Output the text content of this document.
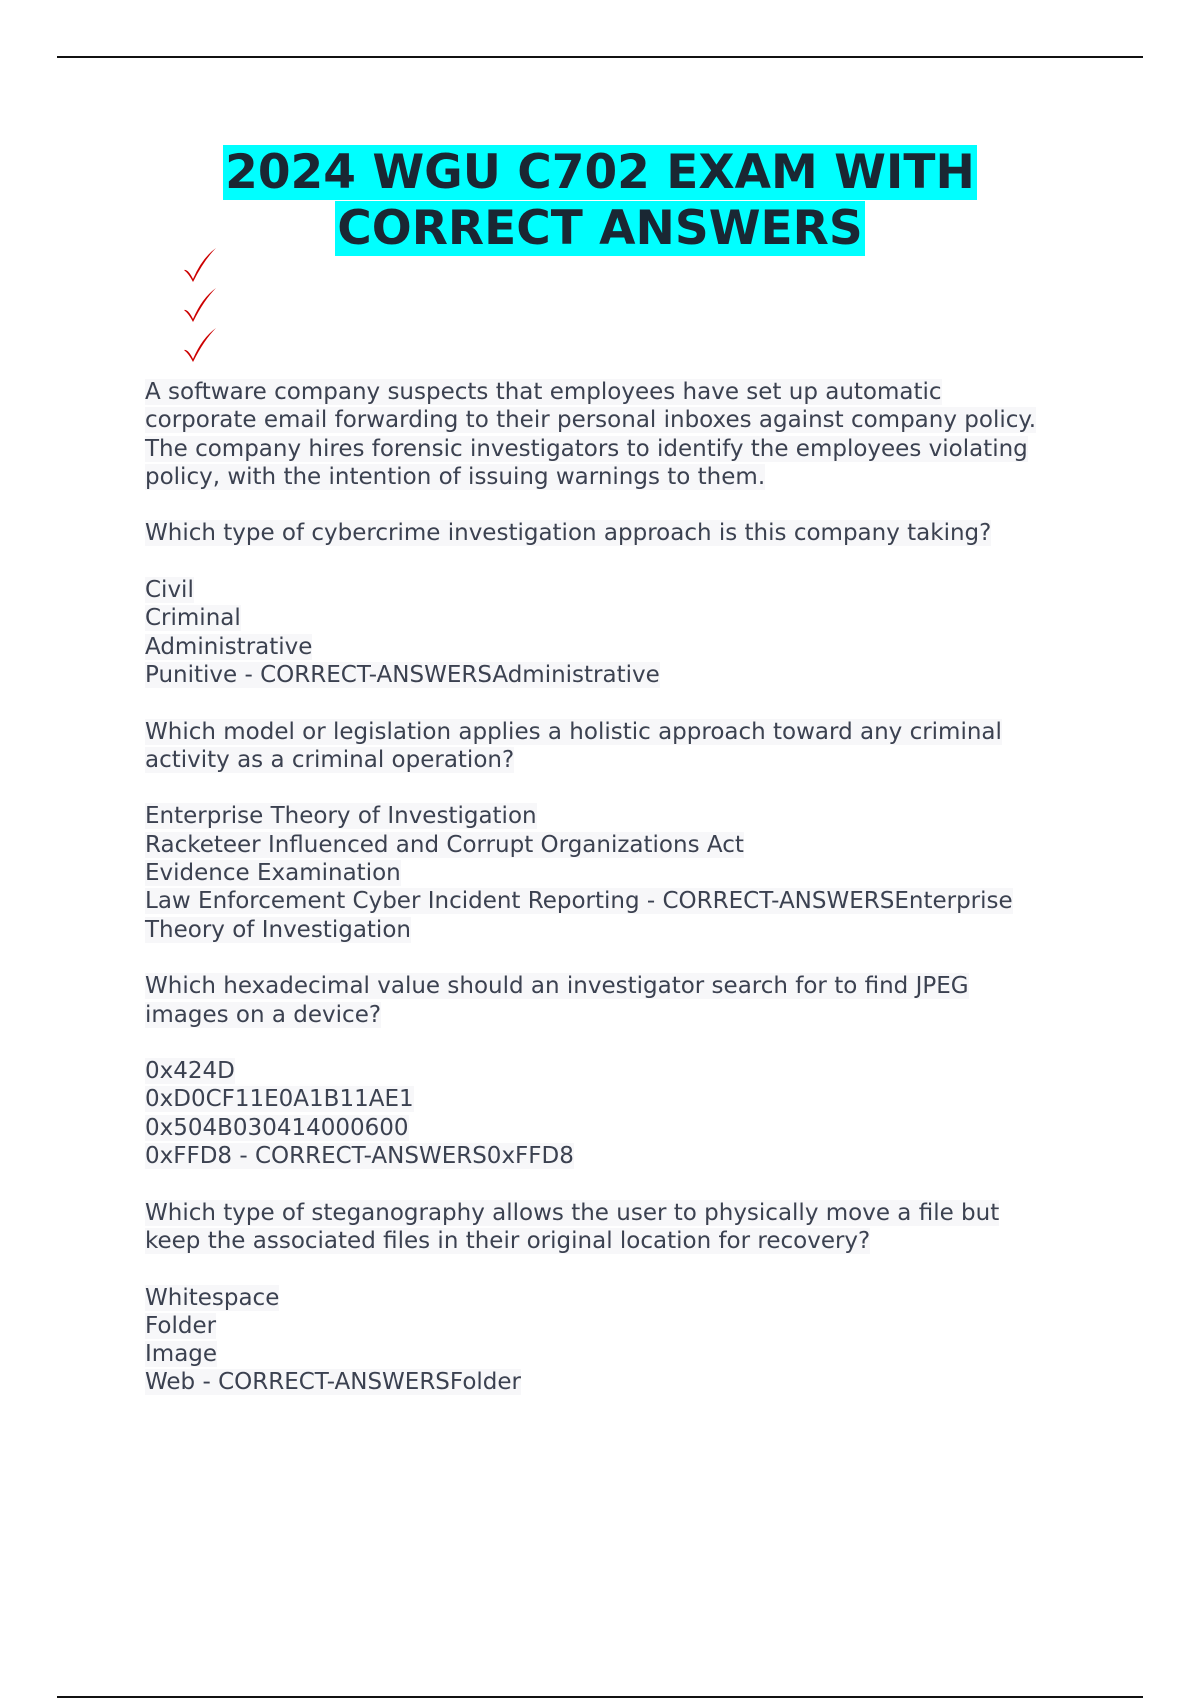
2024 WGU C702 EXAM WITH
CORRECT ANSWERS
A software company suspects that employees have set up automatic
corporate email forwarding to their personal inboxes against company policy.
The company hires forensic investigators to identify the employees violating
policy, with the intention of issuing warnings to them.
Which type of cybercrime investigation approach is this company taking?
Civil
Criminal
Administrative
Punitive - CORRECT-ANSWERSAdministrative
Which model or legislation applies a holistic approach toward any criminal
activity as a criminal operation?
Enterprise Theory of Investigation
Racketeer Influenced and Corrupt Organizations Act
Evidence Examination
Law Enforcement Cyber Incident Reporting - CORRECT-ANSWERSEnterprise
Theory of Investigation
Which hexadecimal value should an investigator search for to find JPEG
images on a device?
0x424D
0xD0CF11E0A1B11AE1
0x504B030414000600
0xFFD8 - CORRECT-ANSWERS0xFFD8
Which type of steganography allows the user to physically move a file but
keep the associated files in their original location for recovery?
Whitespace
Folder
Image
Web - CORRECT-ANSWERSFolder
